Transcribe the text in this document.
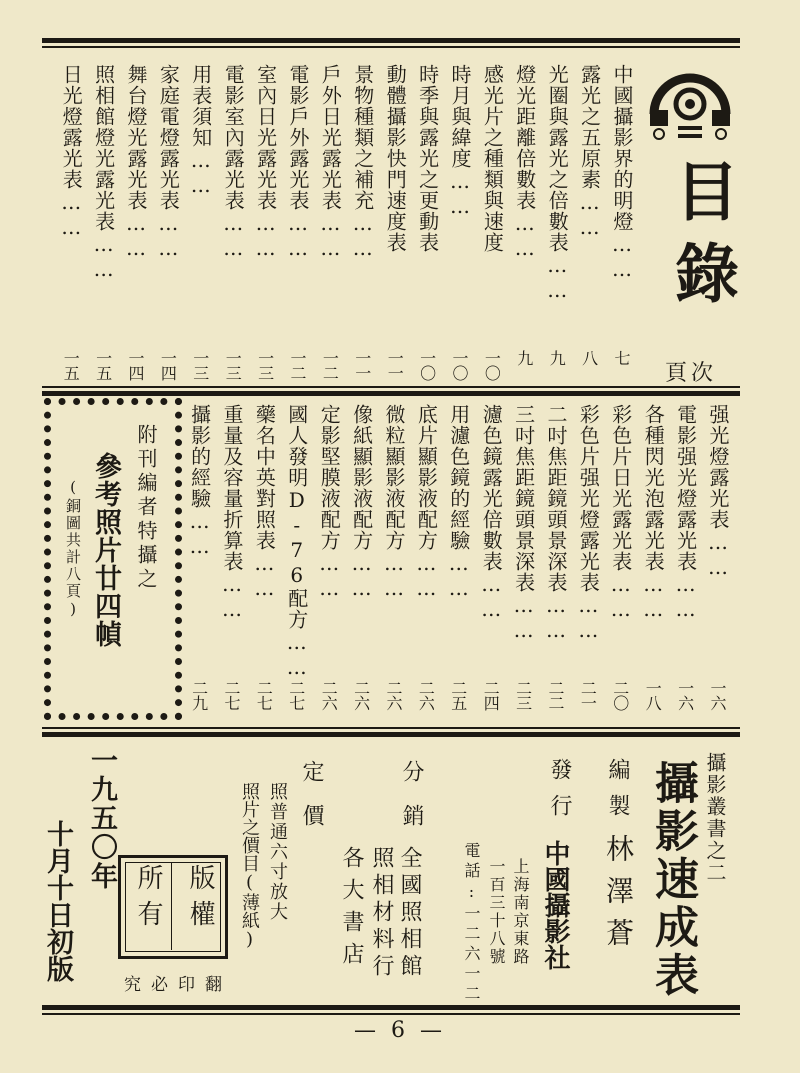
目錄
頁次
中國攝影界的明燈……
七
露光之五原素……
八
光圈與露光之倍數表……
九
燈光距離倍數表……
九
感光片之種類與速度
一〇
時月與緯度……
一〇
時季與露光之更動表
一〇
動體攝影快門速度表
一一
景物種類之補充……
一一
戶外日光露光表……
一二
電影戶外露光表……
一二
室內日光露光表……
一三
電影室內露光表……
一三
用表須知……
一三
家庭電燈露光表……
一四
舞台燈光露光表……
一四
照相館燈光露光表……
一五
日光燈露光表……
一五
强光燈露光表……
一六
電影强光燈露光表……
一六
各種閃光泡露光表……
一八
彩色片日光露光表……
二〇
彩色片强光燈露光表……
二一
二吋焦距鏡頭景深表……
二二
三吋焦距鏡頭景深表……
二三
濾色鏡露光倍數表……
二四
用濾色鏡的經驗……
二五
底片顯影液配方……
二六
微粒顯影液配方……
二六
像紙顯影液配方……
二六
定影堅膜液配方……
二六
國人發明D-76配方……
二七
藥名中英對照表……
二七
重量及容量折算表……
二七
攝影的經驗……
二九
附刊編者特攝之
參考照片廿四幀
(銅圖共計八頁)
攝影叢書之二
攝影速成表
編製
林澤蒼
發行
中國攝影社
上海南京東路
一百三十八號
電話:一二六一二
分銷
全國照相館
照相材料行
各大書店
定價
照普通六寸放大
照片之價目(薄紙)
版權
所有
翻印必究
一九五〇年
十月十日初版
— 6 —
